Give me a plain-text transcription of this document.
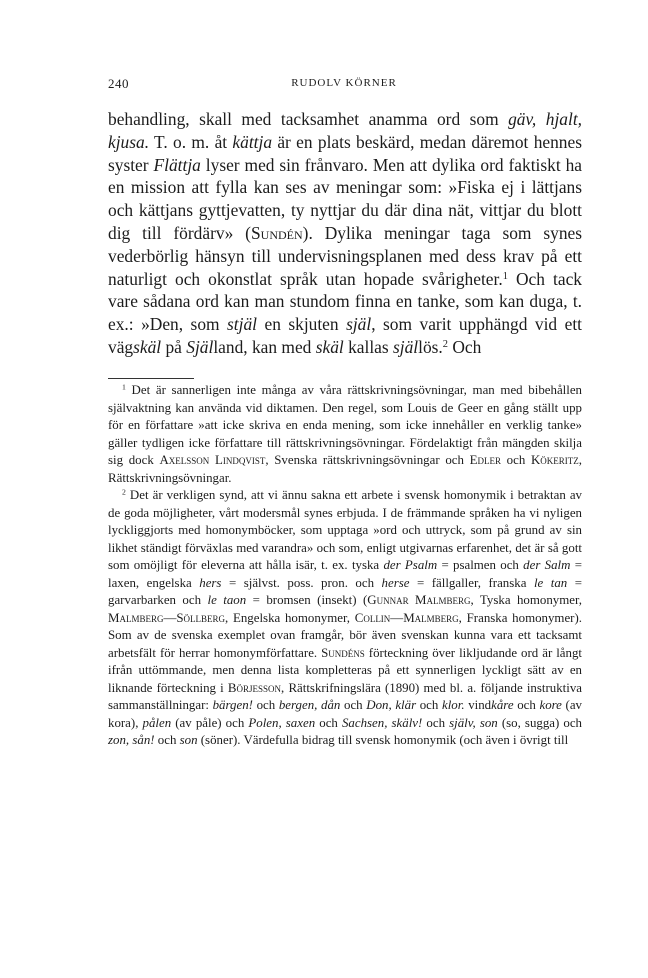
240	RUDOLV KÖRNER

behandling, skall med tacksamhet anamma ord som gäv, hjalt, kjusa. T. o. m. åt kättja är en plats beskärd, medan däremot hennes syster Flättja lyser med sin frånvaro. Men att dylika ord faktiskt ha en mission att fylla kan ses av meningar som: »Fiska ej i lättjans och kättjans gyttjevatten, ty nyttjar du där dina nät, vittjar du blott dig till fördärv» (Sundén). Dylika meningar taga som synes vederbörlig hänsyn till undervisningsplanen med dess krav på ett naturligt och okonstlat språk utan hopade svårigheter.$^1$ Och tack vare sådana ord kan man stundom finna en tanke, som kan duga, t. ex.: »Den, som stjäl en skjuten själ, som varit upphängd vid ett vägskäl på Själland, kan med skäl kallas själlös.$^2$ Och

$^1$ Det är sannerligen inte många av våra rättskrivningsövningar, man med bibehållen självaktning kan använda vid diktamen. Den regel, som Louis de Geer en gång ställt upp för en författare »att icke skriva en enda mening, som icke innehåller en verklig tanke» gäller tydligen icke författare till rättskrivningsövningar. Fördelaktigt från mängden skilja sig dock Axelsson Lindqvist, Svenska rättskrivningsövningar och Edler och Kökeritz, Rättskrivningsövningar.

$^2$ Det är verkligen synd, att vi ännu sakna ett arbete i svensk homonymik i betraktan av de goda möjligheter, vårt modersmål synes erbjuda. I de främmande språken ha vi nyligen lyckliggjorts med homonymböcker, som upptaga »ord och uttryck, som på grund av sin likhet ständigt förväxlas med varandra» och som, enligt utgivarnas erfarenhet, det är så gott som omöjligt för eleverna att hålla isär, t. ex. tyska der Psalm = psalmen och der Salm = laxen, engelska hers = självst. poss. pron. och herse = fällgaller, franska le tan = garvarbarken och le taon = bromsen (insekt) (Gunnar Malmberg, Tyska homonymer, Malmberg—Söllberg, Engelska homonymer, Collin—Malmberg, Franska homonymer). Som av de svenska exemplet ovan framgår, bör även svenskan kunna vara ett tacksamt arbetsfält för herrar homonymförfattare. Sundéns förteckning över likljudande ord är långt ifrån uttömmande, men denna lista kompletteras på ett synnerligen lyckligt sätt av en liknande förteckning i Börjesson, Rättskrifningslära (1890) med bl. a. följande instruktiva sammanställningar: bärgen! och bergen, dån och Don, klär och klor. vindkåre och kore (av kora), pålen (av påle) och Polen, saxen och Sachsen, skälv! och själv, son (so, sugga) och zon, sån! och son (söner). Värdefulla bidrag till svensk homonymik (och även i övrigt till
